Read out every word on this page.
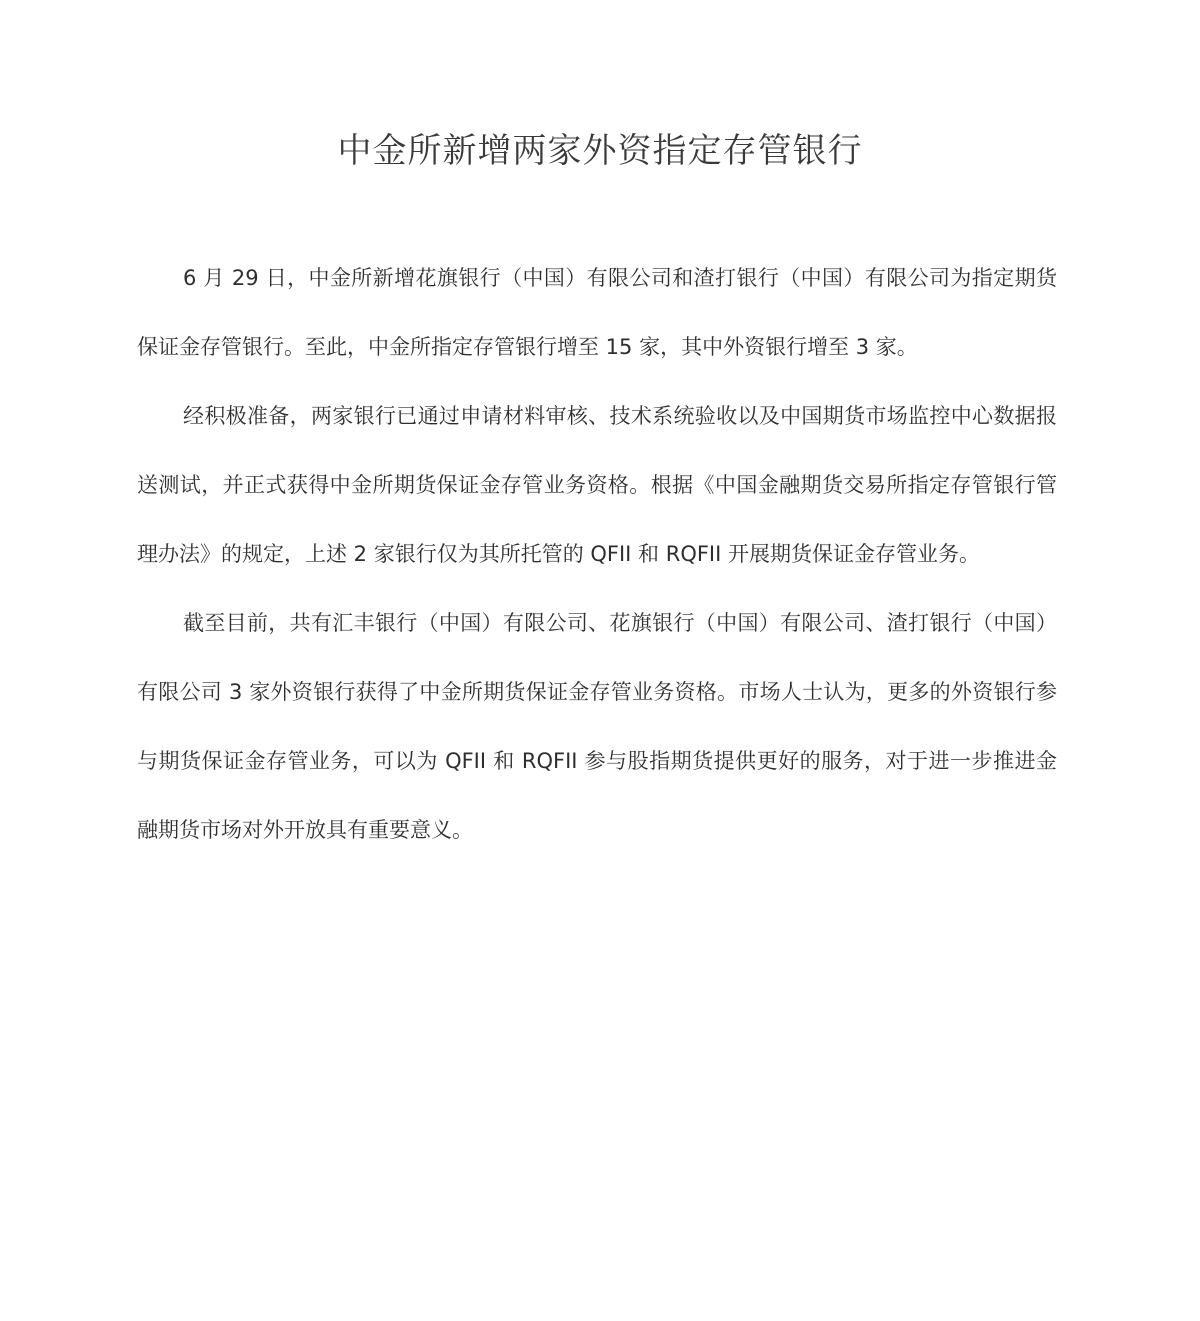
中金所新增两家外资指定存管银行

6 月 29 日，中金所新增花旗银行（中国）有限公司和渣打银行（中国）有限公司为指定期货保证金存管银行。至此，中金所指定存管银行增至 15 家，其中外资银行增至 3 家。

经积极准备，两家银行已通过申请材料审核、技术系统验收以及中国期货市场监控中心数据报送测试，并正式获得中金所期货保证金存管业务资格。根据《中国金融期货交易所指定存管银行管理办法》的规定，上述 2 家银行仅为其所托管的 QFII 和 RQFII 开展期货保证金存管业务。

截至目前，共有汇丰银行（中国）有限公司、花旗银行（中国）有限公司、渣打银行（中国）有限公司 3 家外资银行获得了中金所期货保证金存管业务资格。市场人士认为，更多的外资银行参与期货保证金存管业务，可以为 QFII 和 RQFII 参与股指期货提供更好的服务，对于进一步推进金融期货市场对外开放具有重要意义。
